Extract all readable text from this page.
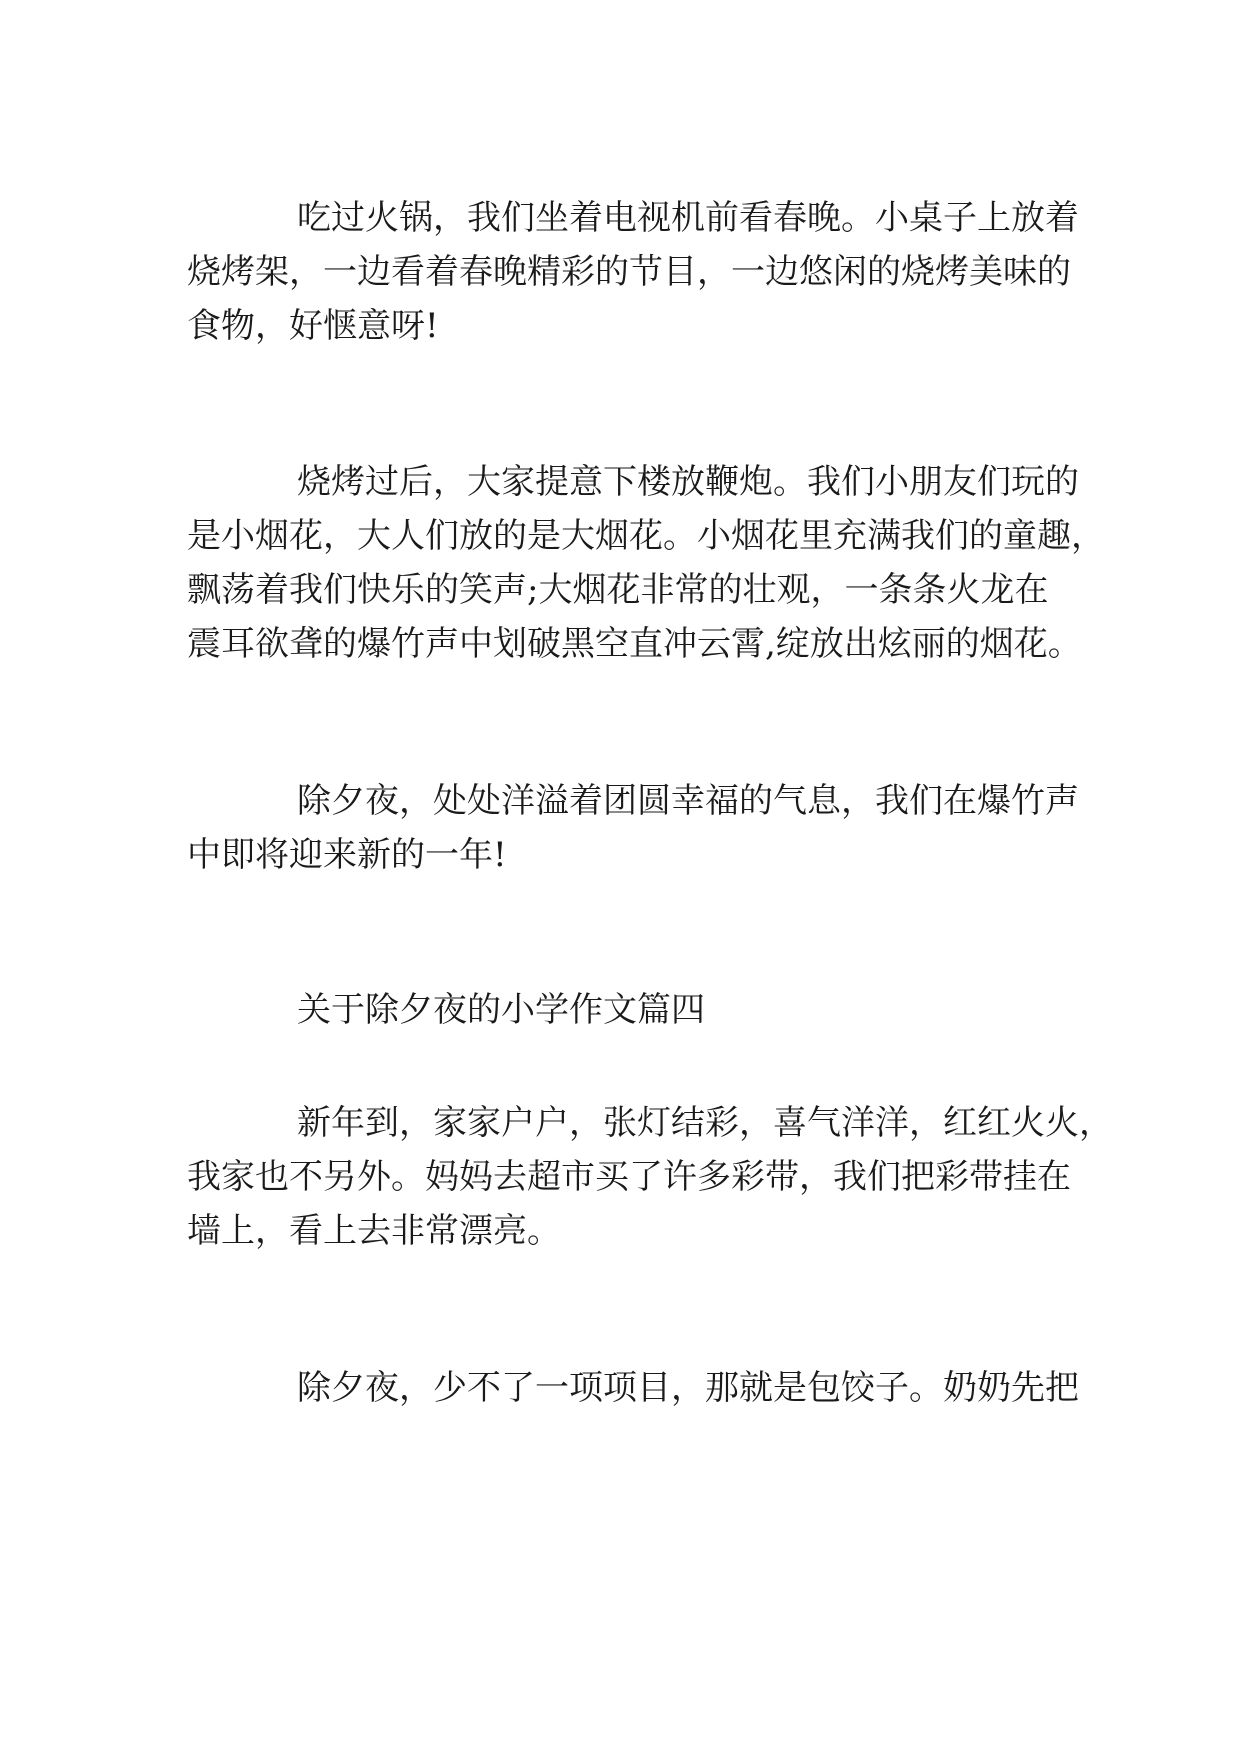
吃过火锅，我们坐着电视机前看春晚。小桌子上放着

烧烤架，一边看着春晚精彩的节目，一边悠闲的烧烤美味的

食物，好惬意呀!

烧烤过后，大家提意下楼放鞭炮。我们小朋友们玩的

是小烟花，大人们放的是大烟花。小烟花里充满我们的童趣，

飘荡着我们快乐的笑声;大烟花非常的壮观，一条条火龙在

震耳欲聋的爆竹声中划破黑空直冲云霄,绽放出炫丽的烟花。

除夕夜，处处洋溢着团圆幸福的气息，我们在爆竹声

中即将迎来新的一年!

关于除夕夜的小学作文篇四

新年到，家家户户，张灯结彩，喜气洋洋，红红火火，

我家也不另外。妈妈去超市买了许多彩带，我们把彩带挂在

墙上，看上去非常漂亮。

除夕夜，少不了一项项目，那就是包饺子。奶奶先把
